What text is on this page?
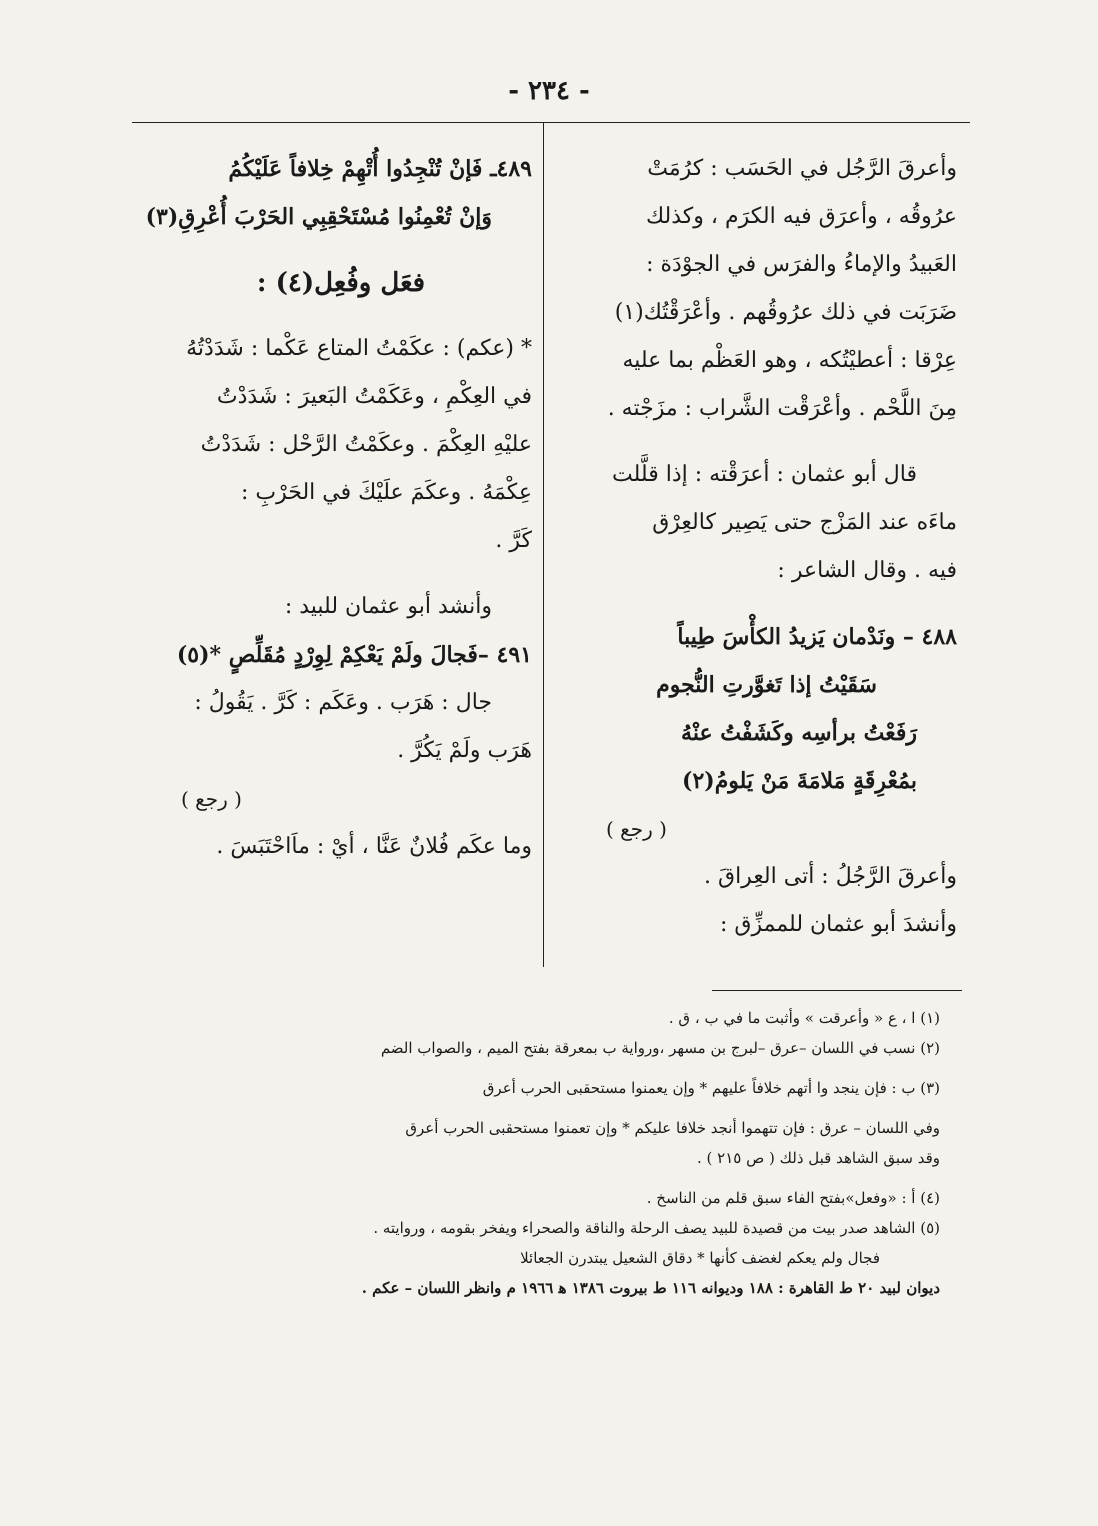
- ٢٣٤ -
وأعرقَ الرَّجُل في الحَسَب : كرُمَتْ
عرُوقُه ، وأعرَق فيه الكرَم ، وكذلك
العَبيدُ والإماءُ والفرَس في الجوْدَة :
ضَرَبَت في ذلك عرُوقُهم . وأعْرَقْتُك(١)
عِرْقا : أعطيْتُكه ، وهو العَظْم بما عليه
مِنَ اللَّحْم . وأعْرَقْت الشَّراب : مزَجْته .
قال أبو عثمان : أعرَقْته : إذا قلَّلت
ماءَه عند المَزْج حتى يَصِير كالعِرْق
فيه . وقال الشاعر :
٤٨٨ – ونَدْمان يَزيدُ الكأْسَ طِيباً
سَقَيْتُ إذا تَغوَّرتِ النُّجوم
رَفَعْتُ برأسِه وكَشَفْتُ عنْهُ
بمُعْرِقَةٍ مَلامَةَ مَنْ يَلومُ(٢)
( رجع )
وأعرقَ الرَّجُلُ : أتى العِراقَ .
وأنشدَ أبو عثمان للممزِّق :
٤٨٩ـ فَإنْ تُنْجِدُوا أُتْهِمْ خِلافاً عَلَيْكُمُ
وَإنْ تُعْمِنُوا مُسْتَحْقِبِي الحَرْبَ أُعْرِقِ(٣)
فعَل وفُعِل(٤) :
* (عكم) : عكَمْتُ المتاع عَكْما : شَدَدْتُهُ
في العِكْمِ ، وعَكَمْتُ البَعيرَ : شَدَدْتُ
عليْهِ العِكْمَ . وعكَمْتُ الرَّحْل : شَدَدْتُ
عِكْمَهُ . وعكَمَ علَيْكَ في الحَرْبِ :
كَرَّ .
وأنشد أبو عثمان للبيد :
٤٩١ –فَجالَ ولَمْ يَعْكِمْ لِوِرْدٍ مُقَلِّصٍ *(٥)
جال : هَرَب . وعَكَم : كَرَّ . يَقُولُ :
هَرَب ولَمْ يَكُرَّ .
( رجع )
وما عكَم فُلانٌ عَنَّا ، أيْ : ماَاحْتَبَسَ .
(١) ا ، ع « وأعرقت » وأثبت ما في ب ، ق .
(٢) نسب في اللسان –عرق –لبرج بن مسهر ،ورواية ب بمعرقة بفتح الميم ، والصواب الضم
(٣) ب : فإن ينجد وا أتهم خلافاً عليهم * وإن يعمنوا مستحقبى الحرب أعرق
وفي اللسان – عرق : فإن تتهموا أنجد خلافا عليكم * وإن تعمنوا مستحقبى الحرب أعرق
وقد سبق الشاهد قبل ذلك ( ص ٢١٥ ) .
(٤) أ : «وفعل»بفتح الفاء سبق قلم من الناسخ .
(٥) الشاهد صدر بيت من قصيدة للبيد يصف الرحلة والناقة والصحراء ويفخر بقومه ، وروايته .
فجال ولم يعكم لغضف كأنها * دقاق الشعيل يبتدرن الجعائلا
ديوان لبيد ٢٠ ط القاهرة : ١٨٨ وديوانه ١١٦ ط بيروت ١٣٨٦ ﻫ ١٩٦٦ م وانظر اللسان – عكم .
